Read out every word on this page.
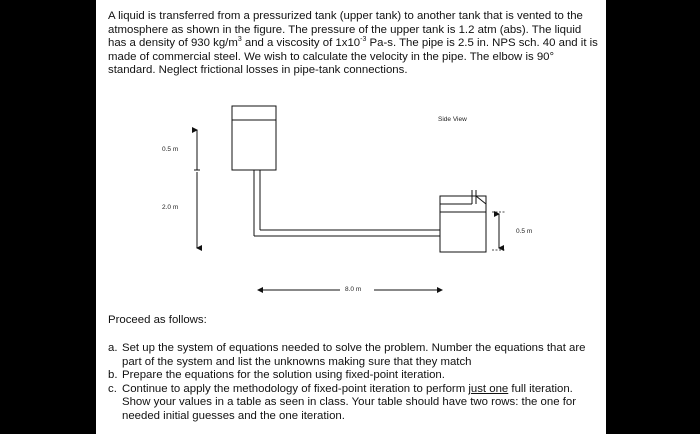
A liquid is transferred from a pressurized tank (upper tank) to another tank that is vented to the atmosphere as shown in the figure. The pressure of the upper tank is 1.2 atm (abs). The liquid has a density of 930 $kg/m^3$ and a viscosity of $1x10^{-3}$ Pa-s. The pipe is 2.5 in. NPS sch. 40 and it is made of commercial steel. We wish to calculate the velocity in the pipe. The elbow is 90° standard. Neglect frictional losses in pipe-tank connections.
0.5 m
2.0 m
Side View
0.5 m
8.0 m
Proceed as follows:
a. Set up the system of equations needed to solve the problem. Number the equations that are part of the system and list the unknowns making sure that they match
b. Prepare the equations for the solution using fixed-point iteration.
c. Continue to apply the methodology of fixed-point iteration to perform just one full iteration. Show your values in a table as seen in class. Your table should have two rows: the one for needed initial guesses and the one iteration.
